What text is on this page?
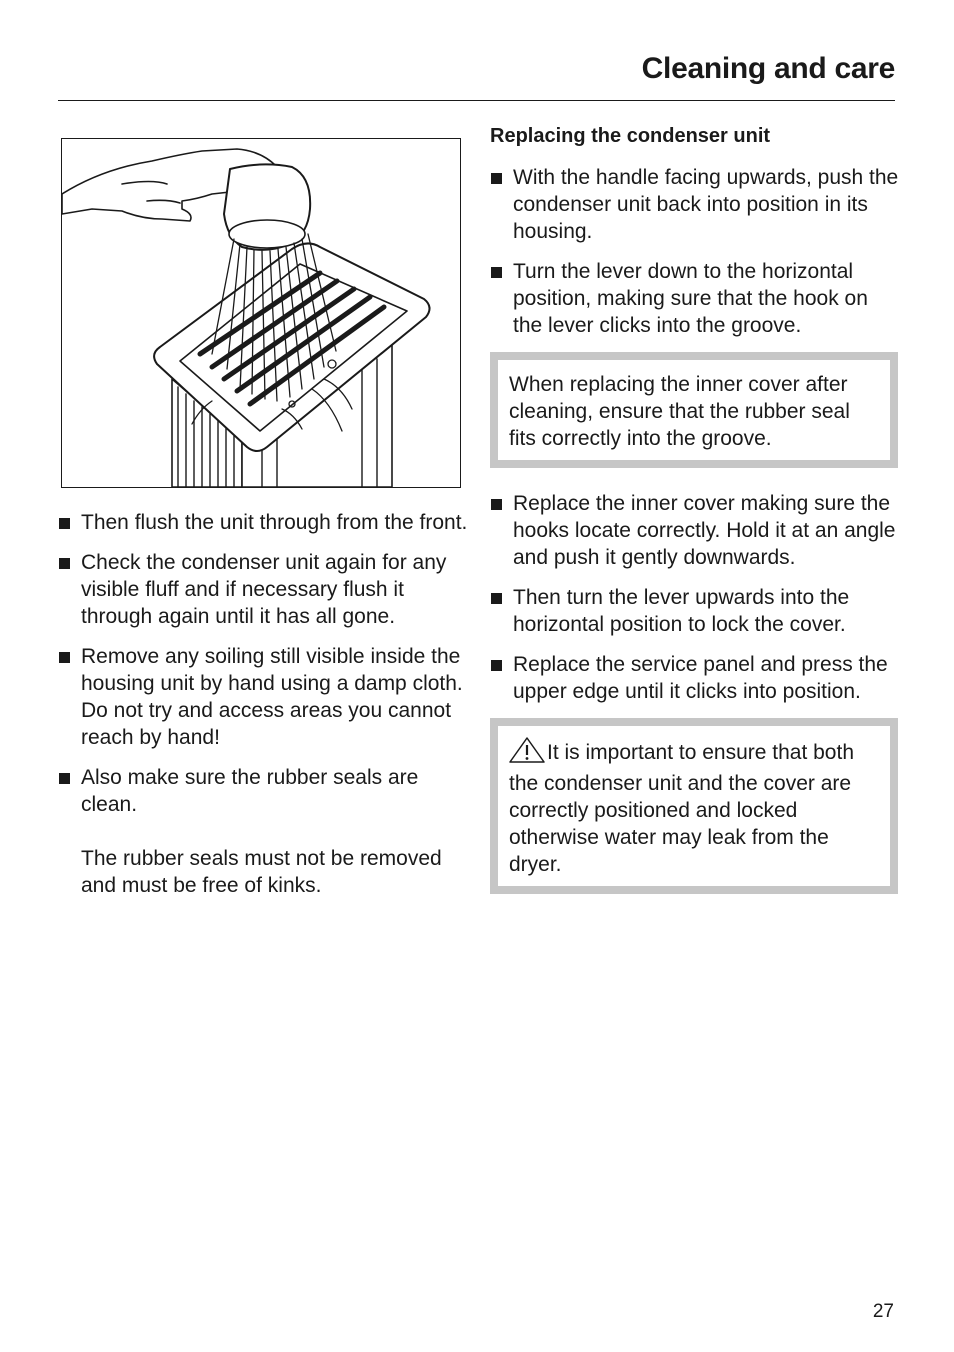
Cleaning and care

Then flush the unit through from the front.

Check the condenser unit again for any visible fluff and if necessary flush it through again until it has all gone.

Remove any soiling still visible inside the housing unit by hand using a damp cloth. Do not try and access areas you cannot reach by hand!

Also make sure the rubber seals are clean.

The rubber seals must not be removed and must be free of kinks.

Replacing the condenser unit

With the handle facing upwards, push the condenser unit back into position in its housing.

Turn the lever down to the horizontal position, making sure that the hook on the lever clicks into the groove.

When replacing the inner cover after cleaning, ensure that the rubber seal fits correctly into the groove.

Replace the inner cover making sure the hooks locate correctly. Hold it at an angle and push it gently downwards.

Then turn the lever upwards into the horizontal position to lock the cover.

Replace the service panel and press the upper edge until it clicks into position.

It is important to ensure that both the condenser unit and the cover are correctly positioned and locked otherwise water may leak from the dryer.

27
